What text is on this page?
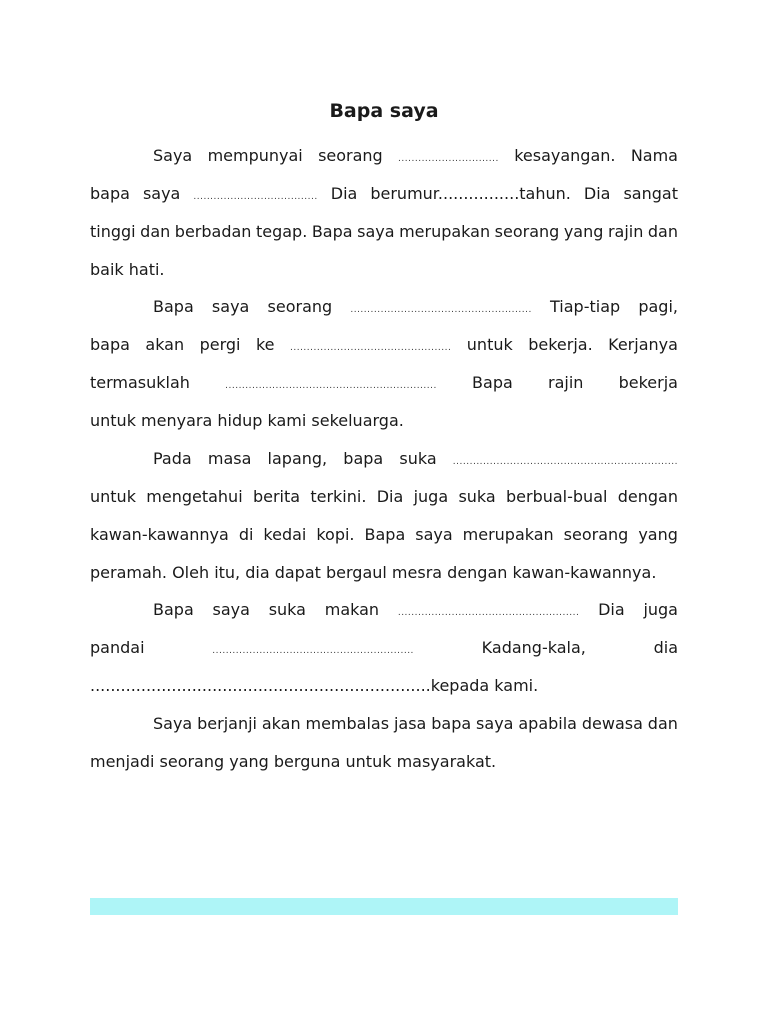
Bapa saya
Saya mempunyai seorang .............................. kesayangan. Nama
bapa saya ..................................... Dia berumur................tahun. Dia sangat
tinggi dan berbadan tegap. Bapa saya merupakan seorang yang rajin dan
baik hati.
Bapa saya seorang ...................................................... Tiap-tiap pagi,
bapa akan pergi ke ................................................ untuk bekerja. Kerjanya
termasuklah	............................................................... Bapa rajin bekerja
untuk menyara hidup kami sekeluarga.
Pada masa lapang, bapa suka ...................................................................
untuk mengetahui berita terkini. Dia juga suka berbual-bual dengan
kawan-kawannya di kedai kopi. Bapa saya merupakan seorang yang
peramah. Oleh itu, dia dapat bergaul mesra dengan kawan-kawannya.
Bapa saya suka makan ...................................................... Dia juga
pandai	............................................................	Kadang-kala,	dia
...................................................................kepada kami.
Saya berjanji akan membalas jasa bapa saya apabila dewasa dan
menjadi seorang yang berguna untuk masyarakat.
